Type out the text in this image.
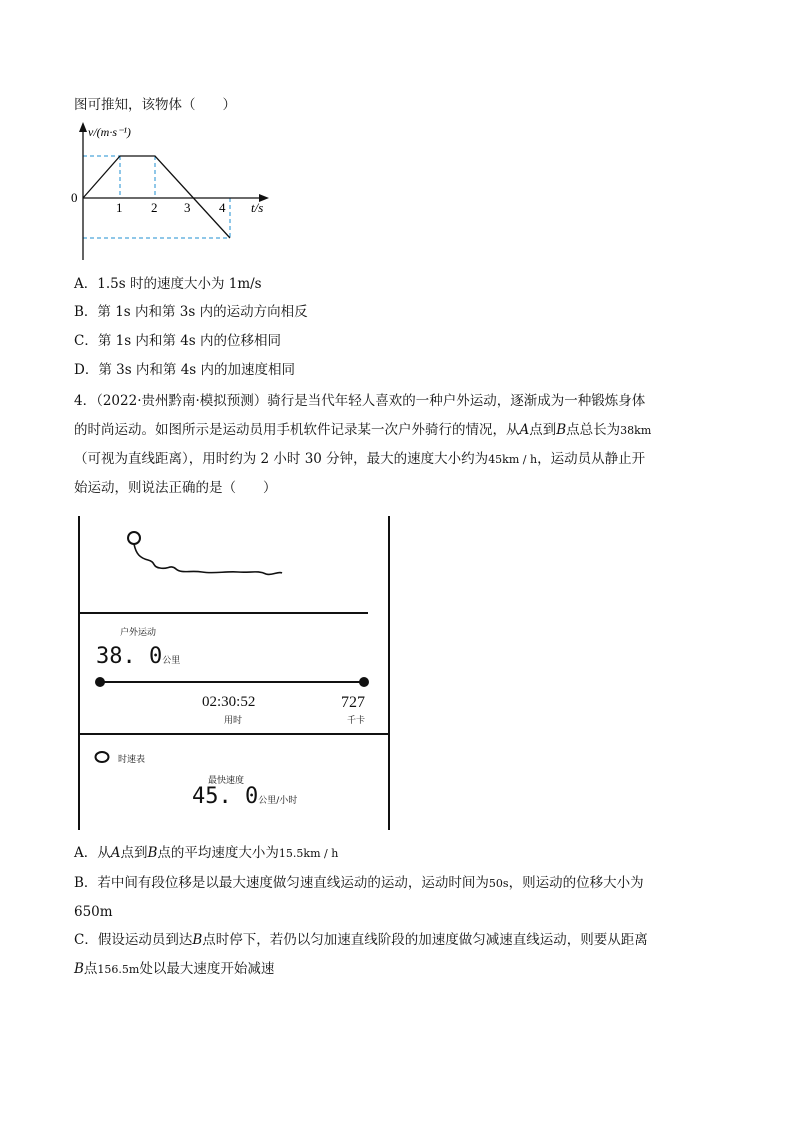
图可推知，该物体（　　）
v/(m·s⁻¹)
0
1 2 3 4 t/s
A．1.5s 时的速度大小为 1m/s
B．第 1s 内和第 3s 内的运动方向相反
C．第 1s 内和第 4s 内的位移相同
D．第 3s 内和第 4s 内的加速度相同
4．（2022·贵州黔南·模拟预测）骑行是当代年轻人喜欢的一种户外运动，逐渐成为一种锻炼身体
的时尚运动。如图所示是运动员用手机软件记录某一次户外骑行的情况，从A点到B点总长为38km
（可视为直线距离），用时约为 2 小时 30 分钟，最大的速度大小约为45km / h，运动员从静止开
始运动，则说法正确的是（　　）
户外运动
38. 0公里
02:30:52
用时
727
千卡
时速表
最快速度
45. 0公里/小时
A．从A点到B点的平均速度大小为15.5km / h
B．若中间有段位移是以最大速度做匀速直线运动的运动，运动时间为50s，则运动的位移大小为
650m
C．假设运动员到达B点时停下，若仍以匀加速直线阶段的加速度做匀减速直线运动，则要从距离
B点156.5m处以最大速度开始减速
